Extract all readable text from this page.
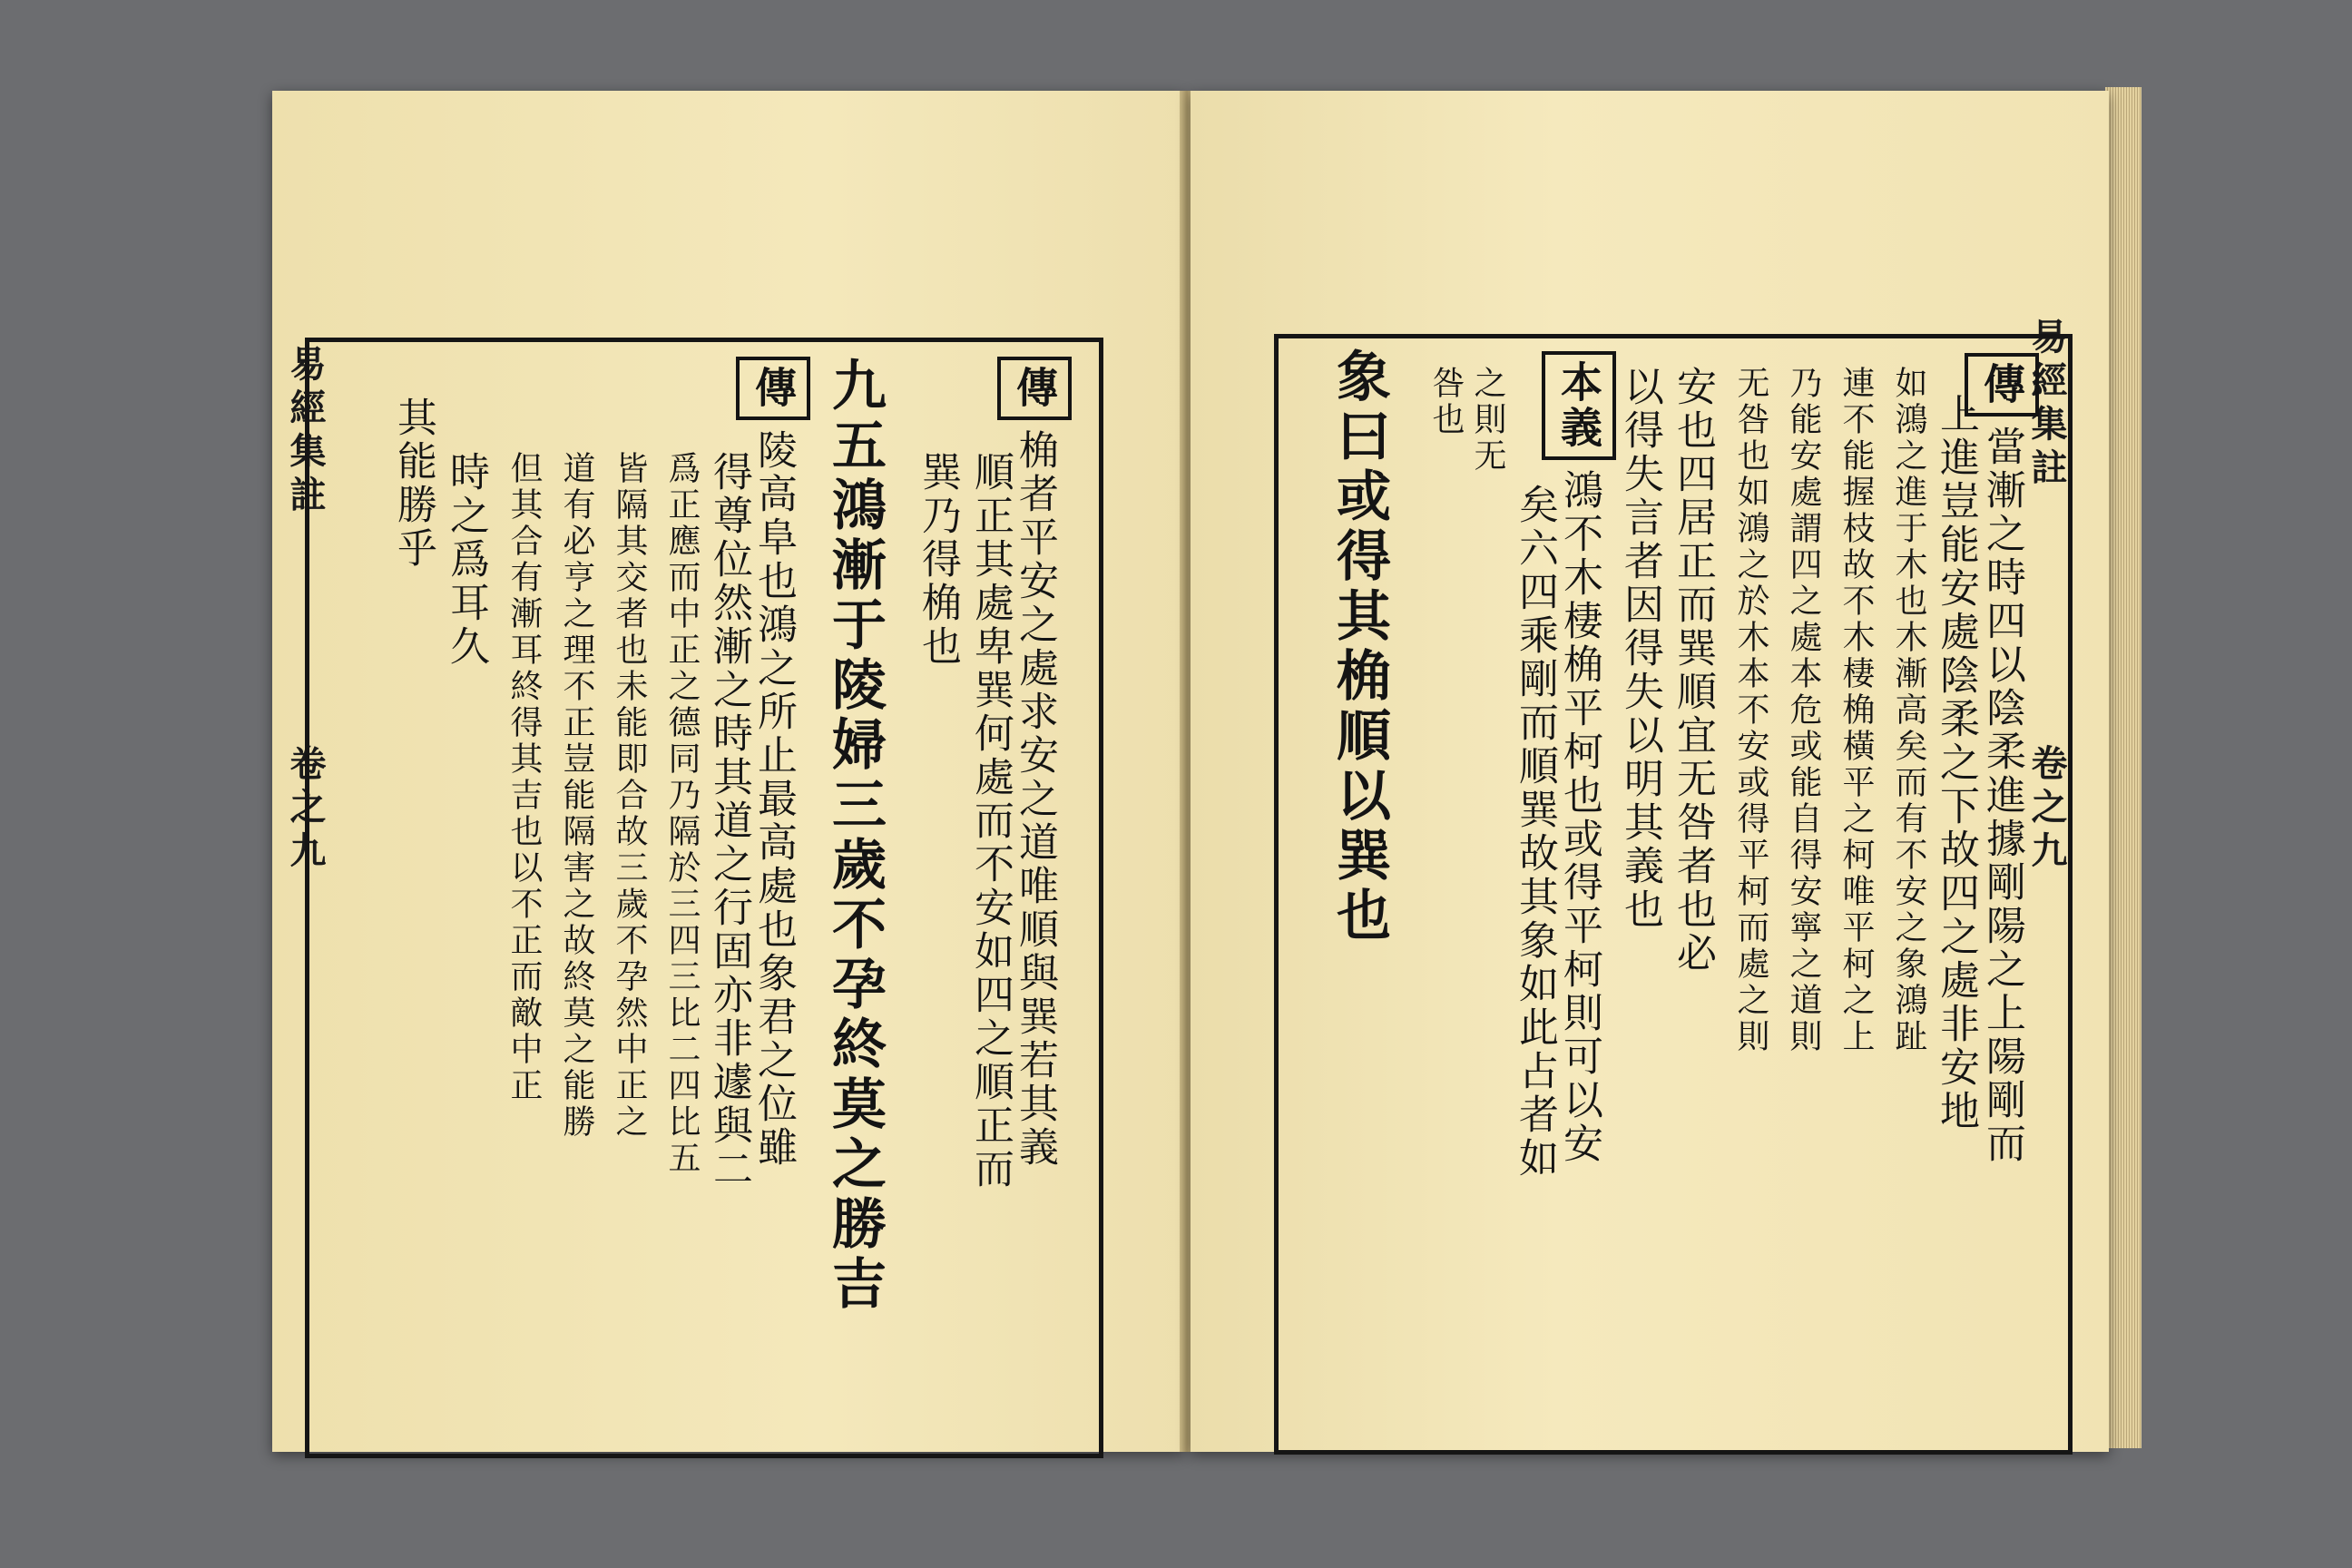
易經集註
卷之九
傳桷者平安之處求安之道唯順與巽若其義
順正其處卑巽何處而不安如四之順正而
巽乃得桷也
九五鴻漸于陵婦三歲不孕終莫之勝吉
傳陵高阜也鴻之所止最高處也象君之位雖
得尊位然漸之時其道之行固亦非遽與二
爲正應而中正之德同乃隔於三四三比二四比五
皆隔其交者也未能即合故三歲不孕然中正之
道有必亨之理不正豈能隔害之故終莫之能勝
但其合有漸耳終得其吉也以不正而敵中正
時之爲耳久
其能勝乎	易經集註
卷之九
傳當漸之時四以陰柔進據剛陽之上陽剛而
上進豈能安處陰柔之下故四之處非安地
如鴻之進于木也木漸高矣而有不安之象鴻趾
連不能握枝故不木棲桷橫平之柯唯平柯之上
乃能安處謂四之處本危或能自得安寧之道則
无咎也如鴻之於木本不安或得平柯而處之則
安也四居正而巽順宜无咎者也必
以得失言者因得失以明其義也
本義鴻不木棲桷平柯也或得平柯則可以安
矣六四乘剛而順巽故其象如此占者如
之則无
咎也
象曰或得其桷順以巽也
